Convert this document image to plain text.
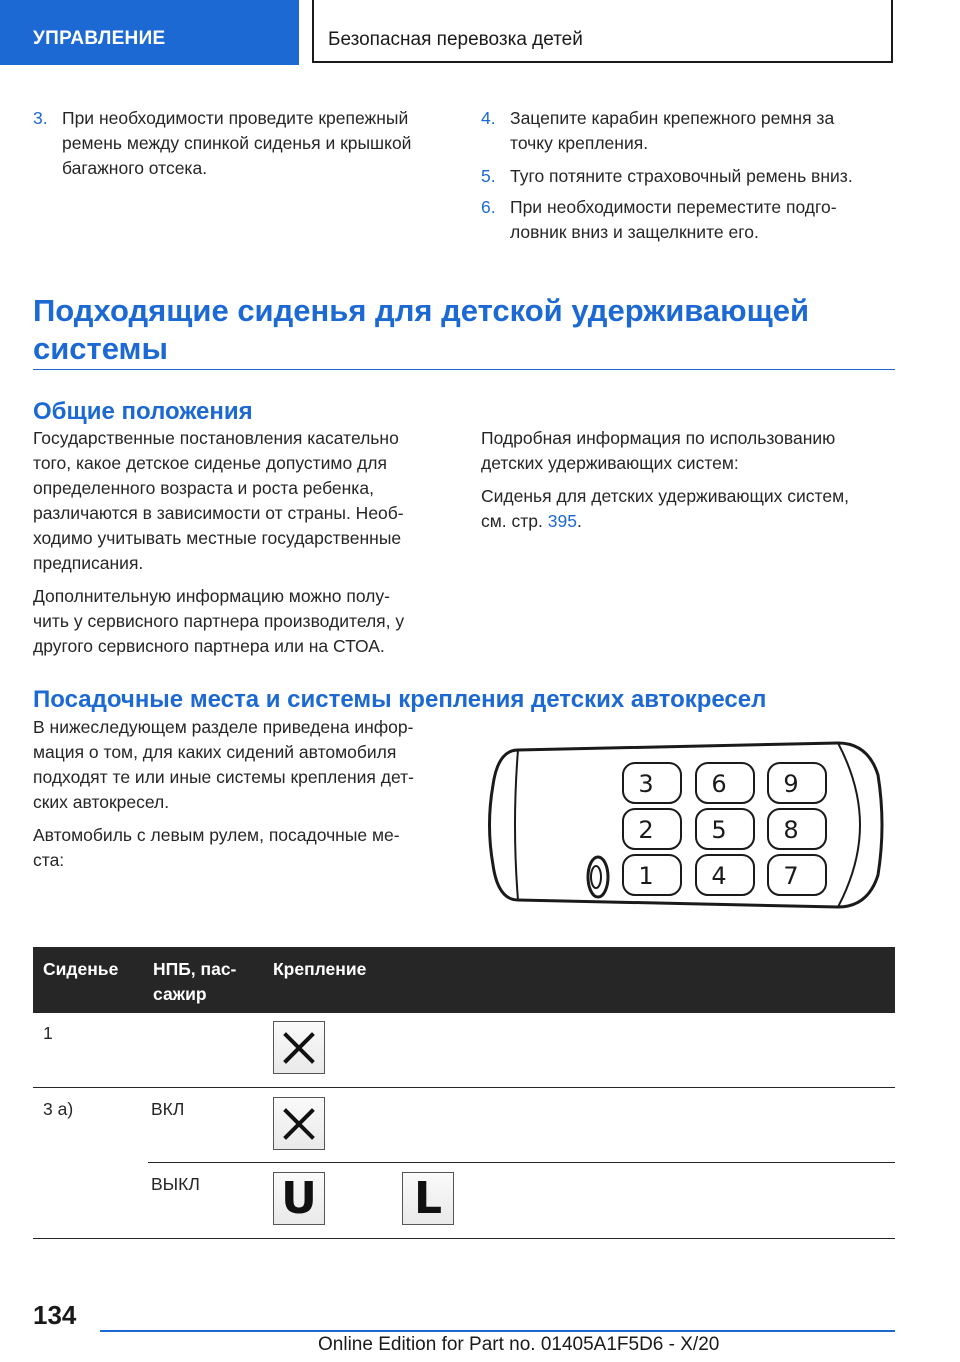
УПРАВЛЕНИЕ	Безопасная перевозка детей
3. При необходимости проведите крепежный
ремень между спинкой сиденья и крышкой
багажного отсека.
4. Зацепите карабин крепежного ремня за
точку крепления.
5. Туго потяните страховочный ремень вниз.
6. При необходимости переместите подго-
ловник вниз и защелкните его.
Подходящие сиденья для детской удерживающей
системы
Общие положения

Государственные постановления касательно
того, какое детское сиденье допустимо для
определенного возраста и роста ребенка,
различаются в зависимости от страны. Необ-
ходимо учитывать местные государственные
предписания.

Дополнительную информацию можно полу-
чить у сервисного партнера производителя, у
другого сервисного партнера или на СТОА.

Подробная информация по использованию
детских удерживающих систем:

Сиденья для детских удерживающих систем,
см. стр. 395.

Посадочные места и системы крепления детских автокресел

В нижеследующем разделе приведена инфор-
мация о том, для каких сидений автомобиля
подходят те или иные системы крепления дет-
ских автокресел.

Автомобиль с левым рулем, посадочные ме-
ста:

3 6 9
2 5 8
1 4 7
Сиденье НПБ, пас-
сажир
Крепление
1
3 a)	ВКЛ
ВЫКЛ U L
134
Online Edition for Part no. 01405A1F5D6 - X/20
